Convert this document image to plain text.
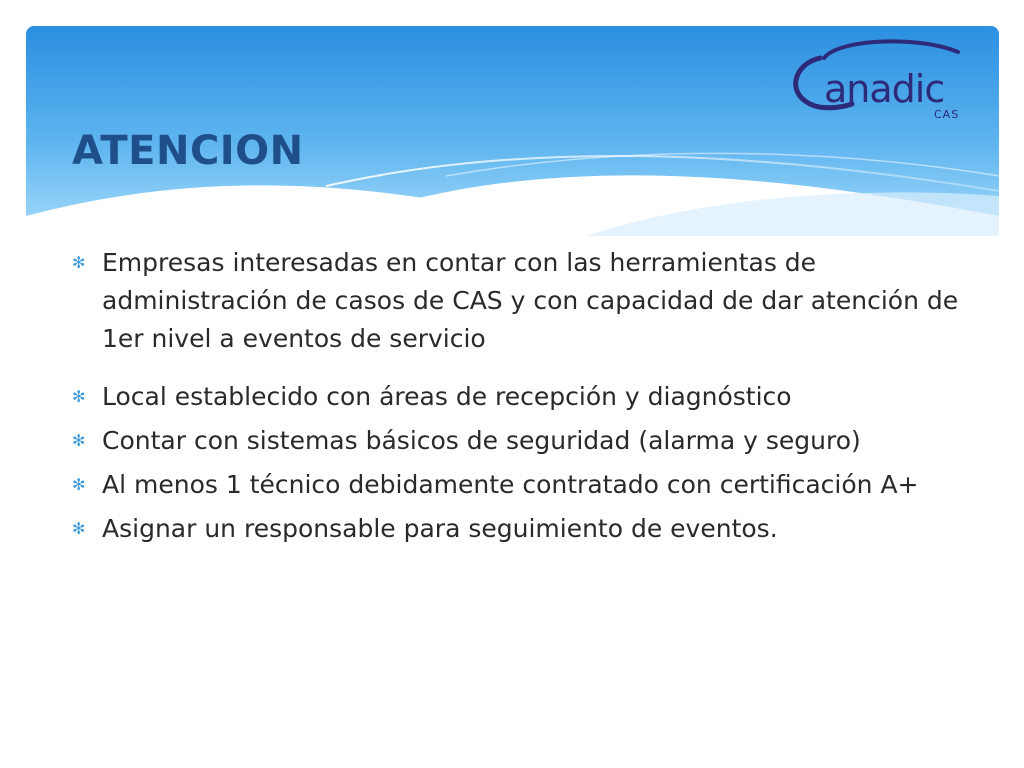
ATENCION
anadic
CAS
✻ Empresas interesadas en contar con las herramientas de administración de casos de CAS y con capacidad de dar atención de 1er nivel a eventos de servicio
✻ Local establecido con áreas de recepción y diagnóstico
✻ Contar con sistemas básicos de seguridad (alarma y seguro)
✻ Al menos 1 técnico debidamente contratado con certificación A+
✻ Asignar un responsable para seguimiento de eventos.
